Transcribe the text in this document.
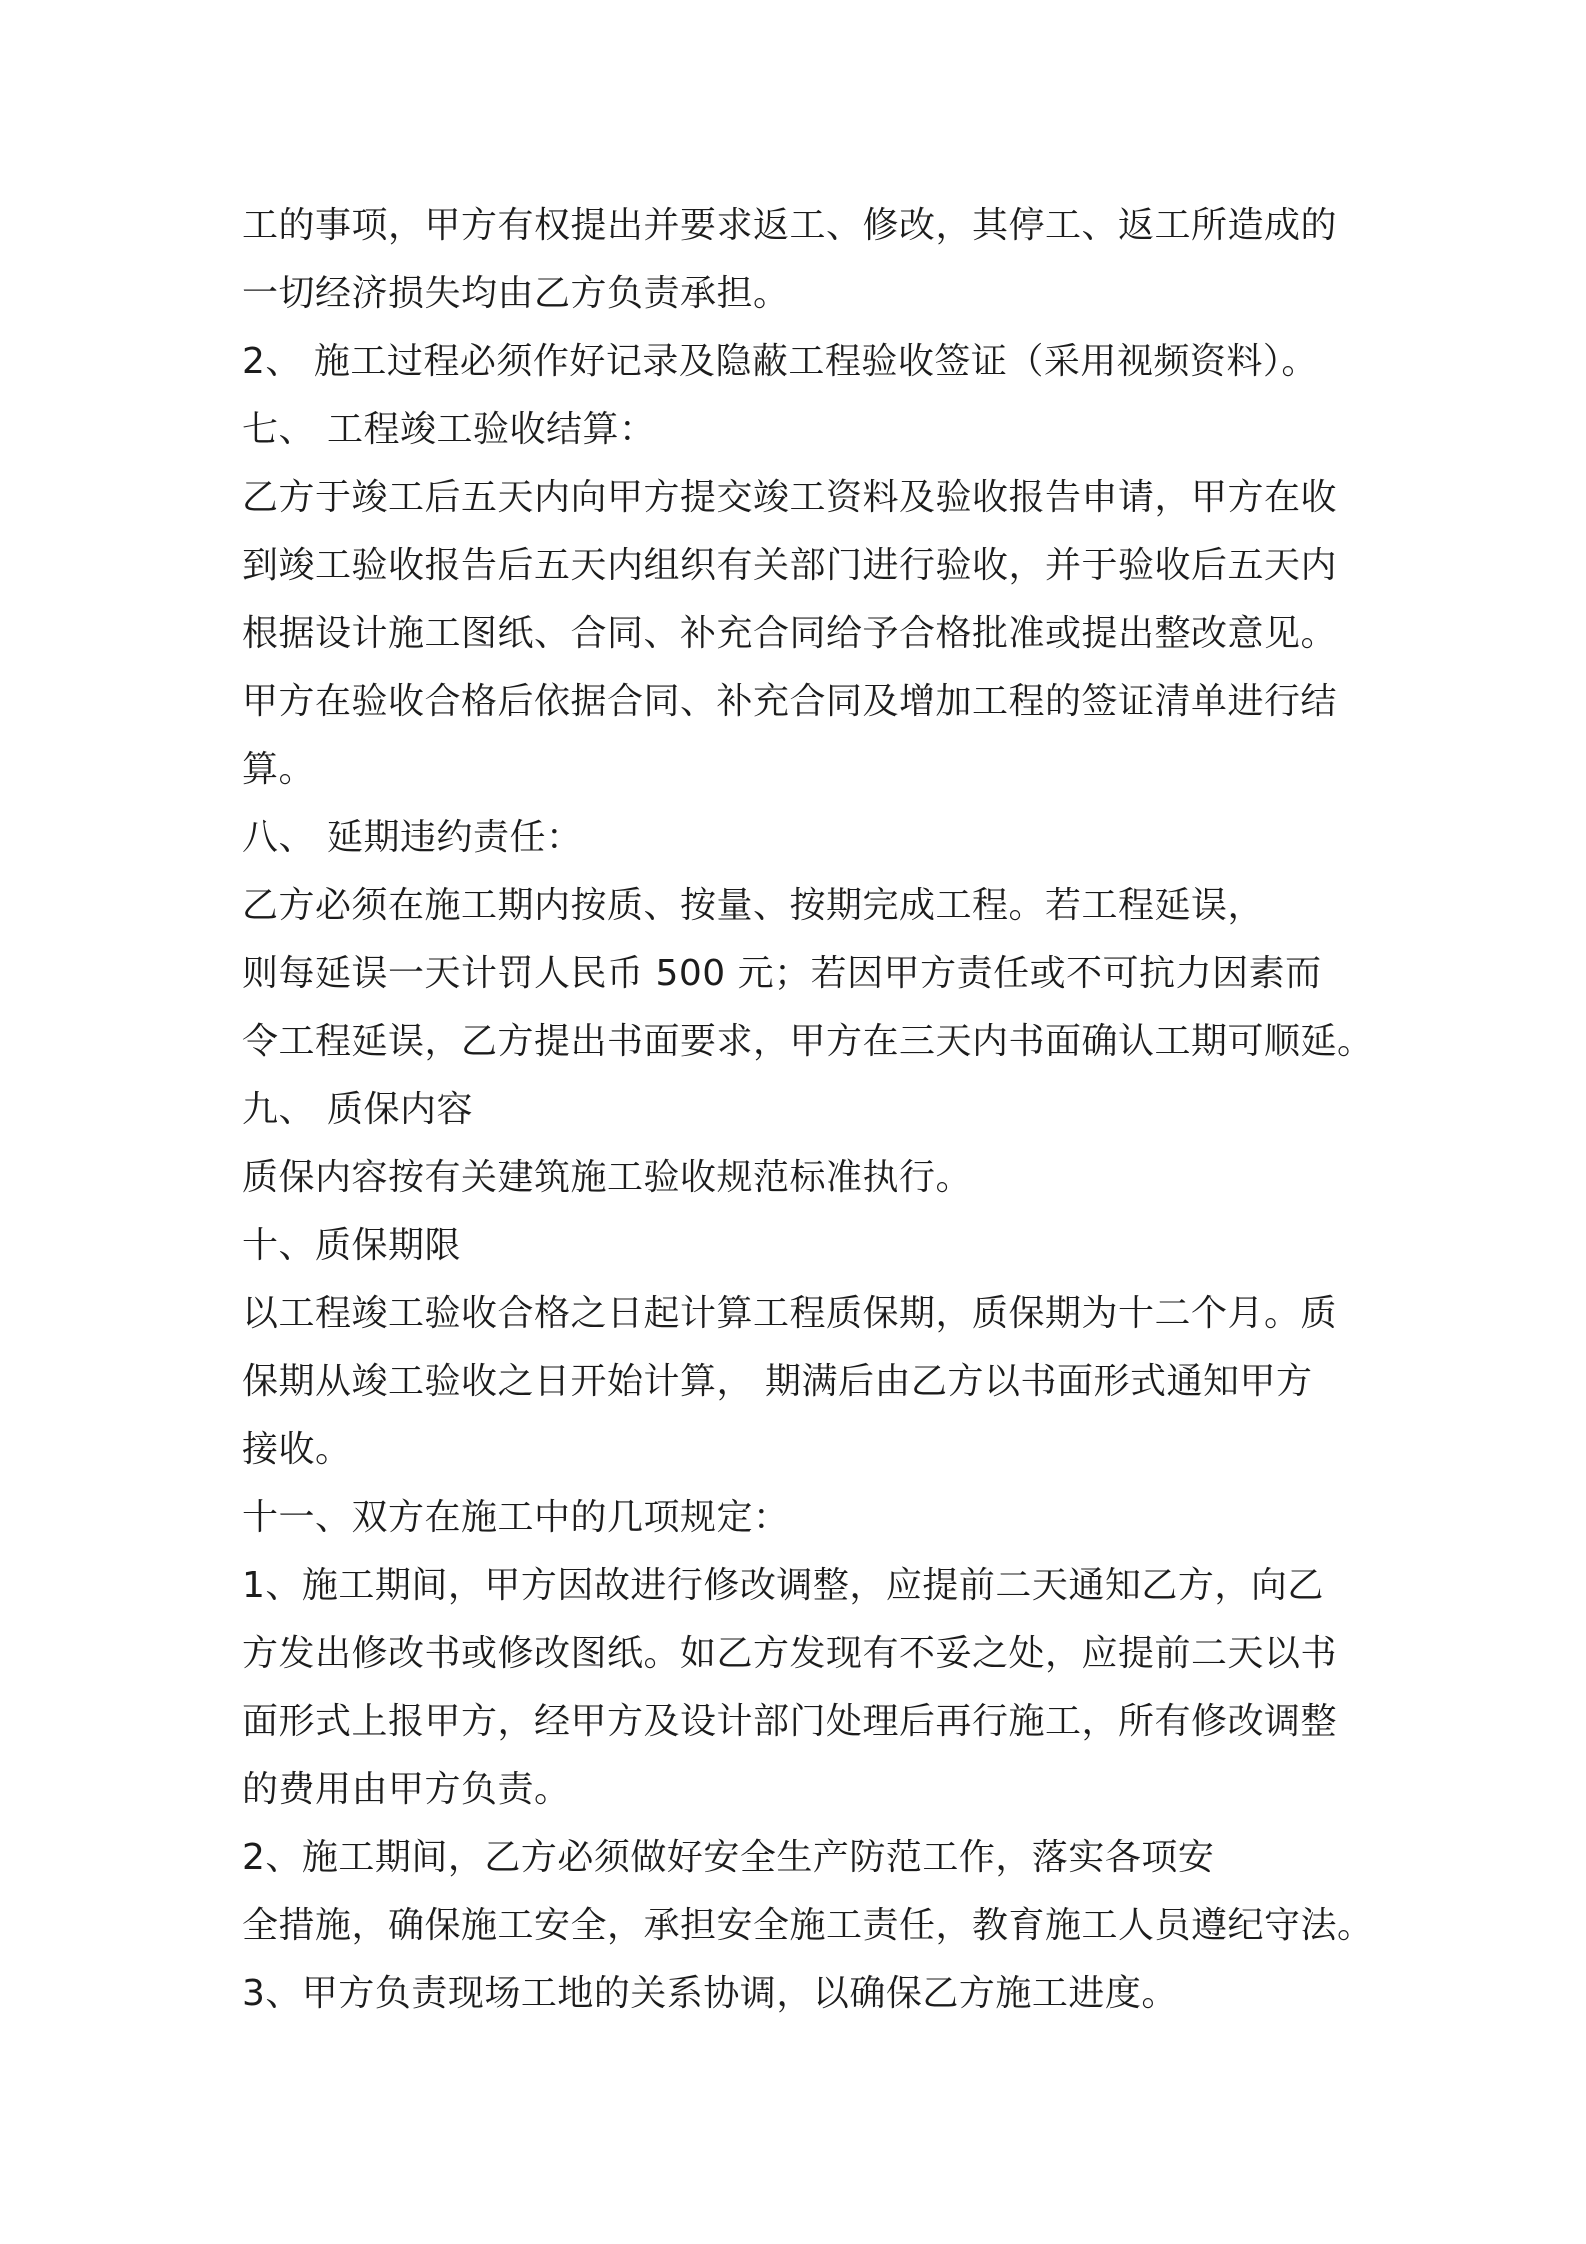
工的事项，甲方有权提出并要求返工、修改，其停工、返工所造成的
一切经济损失均由乙方负责承担。
2、 施工过程必须作好记录及隐蔽工程验收签证（采用视频资料）。
七、 工程竣工验收结算：
乙方于竣工后五天内向甲方提交竣工资料及验收报告申请，甲方在收
到竣工验收报告后五天内组织有关部门进行验收，并于验收后五天内
根据设计施工图纸、合同、补充合同给予合格批准或提出整改意见。
甲方在验收合格后依据合同、补充合同及增加工程的签证清单进行结
算。
八、 延期违约责任：
乙方必须在施工期内按质、按量、按期完成工程。若工程延误，
则每延误一天计罚人民币 500 元；若因甲方责任或不可抗力因素而
令工程延误，乙方提出书面要求，甲方在三天内书面确认工期可顺延。
九、 质保内容
质保内容按有关建筑施工验收规范标准执行。
十、质保期限
以工程竣工验收合格之日起计算工程质保期，质保期为十二个月。质
保期从竣工验收之日开始计算， 期满后由乙方以书面形式通知甲方
接收。
十一、双方在施工中的几项规定：
1、施工期间，甲方因故进行修改调整，应提前二天通知乙方，向乙
方发出修改书或修改图纸。如乙方发现有不妥之处，应提前二天以书
面形式上报甲方，经甲方及设计部门处理后再行施工，所有修改调整
的费用由甲方负责。
2、施工期间，乙方必须做好安全生产防范工作，落实各项安
全措施，确保施工安全，承担安全施工责任，教育施工人员遵纪守法。
3、甲方负责现场工地的关系协调，以确保乙方施工进度。
